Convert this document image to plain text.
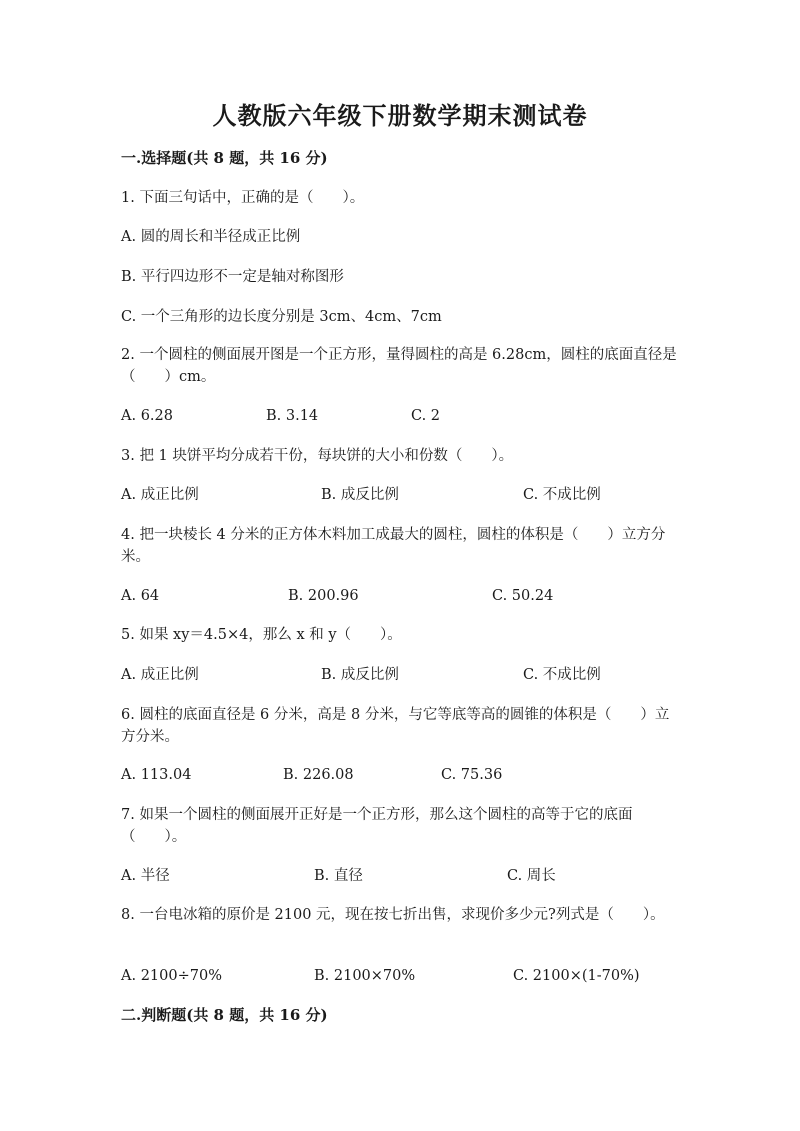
人教版六年级下册数学期末测试卷
一.选择题(共 8 题，共 16 分)
1. 下面三句话中，正确的是（　　）。
A. 圆的周长和半径成正比例
B. 平行四边形不一定是轴对称图形
C. 一个三角形的边长度分别是 3cm、4cm、7cm
2. 一个圆柱的侧面展开图是一个正方形，量得圆柱的高是 6.28cm，圆柱的底面直径是（　　）cm。
A. 6.28	B. 3.14	C. 2
3. 把 1 块饼平均分成若干份，每块饼的大小和份数（　　）。
A. 成正比例	B. 成反比例	C. 不成比例
4. 把一块棱长 4 分米的正方体木料加工成最大的圆柱，圆柱的体积是（　　）立方分米。
A. 64	B. 200.96	C. 50.24
5. 如果 xy＝4.5×4，那么 x 和 y（　　）。
A. 成正比例	B. 成反比例	C. 不成比例
6. 圆柱的底面直径是 6 分米，高是 8 分米，与它等底等高的圆锥的体积是（　　）立方分米。
A. 113.04	B. 226.08	C. 75.36
7. 如果一个圆柱的侧面展开正好是一个正方形，那么这个圆柱的高等于它的底面（　　）。
A. 半径	B. 直径	C. 周长
8. 一台电冰箱的原价是 2100 元，现在按七折出售，求现价多少元?列式是（　　）。
A. 2100÷70%	B. 2100×70%	C. 2100×(1-70%)
二.判断题(共 8 题，共 16 分)
